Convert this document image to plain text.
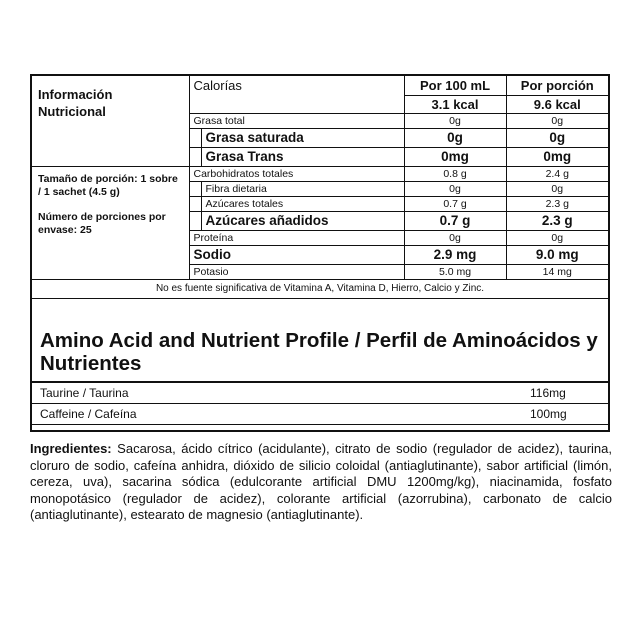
Información Nutricional	Calorías		Por 100 mL	Por porción
			3.1 kcal	9.6 kcal
	Grasa total		0g	0g
		Grasa saturada	0g	0g
		Grasa Trans	0mg	0mg

Tamaño de porción: 1 sobre / 1 sachet (4.5 g)
Número de porciones por envase: 25	Carbohidratos totales		0.8 g	2.4 g
		Fibra dietaria	0g	0g
		Azúcares totales	0.7 g	2.3 g
		Azúcares añadidos	0.7 g	2.3 g
	Proteína		0g	0g
	Sodio		2.9 mg	9.0 mg
	Potasio		5.0 mg	14 mg
No es fuente significativa de Vitamina A, Vitamina D, Hierro, Calcio y Zinc.				
Amino Acid and Nutrient Profile / Perfil de Aminoácidos y Nutrientes
Taurine / Taurina	116mg
Caffeine / Cafeína	100mg
Ingredientes: Sacarosa, ácido cítrico (acidulante), citrato de sodio (regulador de acidez), taurina, cloruro de sodio, cafeína anhidra, dióxido de silicio coloidal (antiaglutinante), sabor artificial (limón, cereza, uva), sacarina sódica (edulcorante artificial DMU 1200mg/kg), niacinamida, fosfato monopotásico (regulador de acidez), colorante artificial (azorrubina), carbonato de calcio (antiaglutinante), estearato de magnesio (antiaglutinante).
